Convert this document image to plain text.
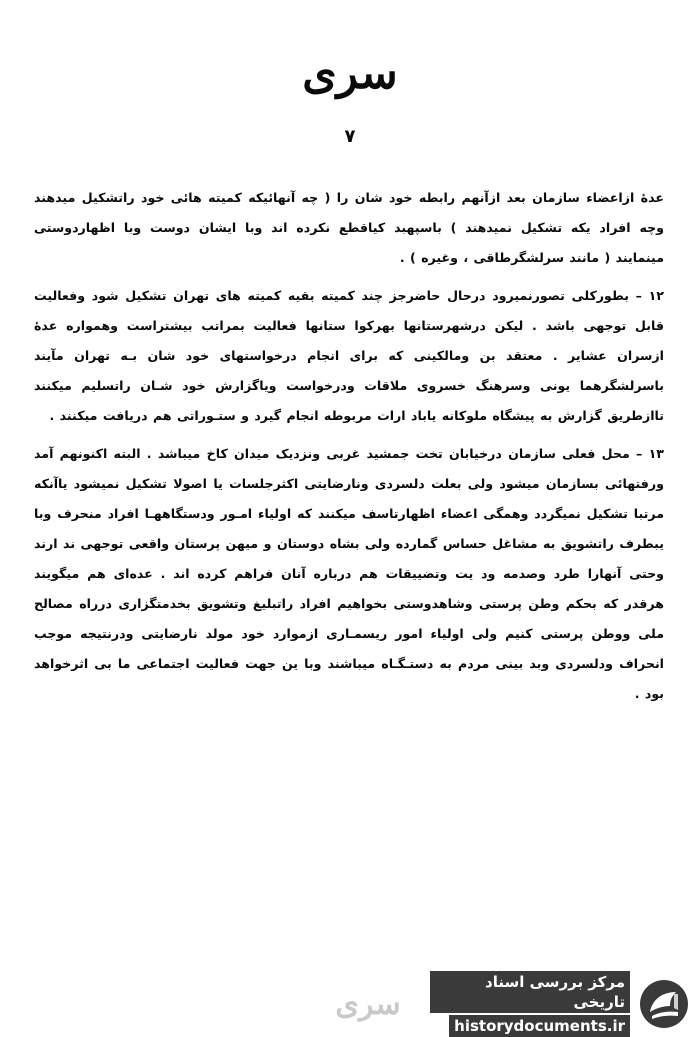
سری
۷

عده‌ٔ ازاعضاء سازمان بعد ازآنهم رابطه خود شان را ( چه آنهائیکه کمیته هائی خود راتشکیل میدهند وچه افراد یکه تشکیل نمیدهند ) باسپهبد کیاقطع نکرده اند وبا ایشان دوست وبا اظهاردوستی مینمایند ( مانند سرلشگرطاقی ، وغیره ) .

۱۲ – بطورکلی تصورنمیرود درحال حاضرجز چند کمیته بقیه کمیته های تهران تشکیل شود وفعالیت قابل توجهی باشد . لیکن درشهرستانها بهرکوا ستانها فعالیت بمراتب بیشتراست وهمواره عده‌ٔ ازسران عشایر . معتقد بن ومالکینی که برای انجام درخواستهای خود شان بـه تهران مآیند باسرلشگرهما یونی وسرهنگ خسروی ملاقات ودرخواست ویاگزارش خود شـان راتسلیم میکنند تاازطریق گزارش به پیشگاه ملوکانه یاباد ارات مربوطه انجام گیرد و ستـوراتی هم دریافت میکنند .

۱۳ – محل فعلی سازمان درخیابان تخت جمشید غربی ونزدیک میدان کاخ میباشد . البته اکنونهم آمد ورفتهائی بسازمان میشود ولی بعلت دلسردی ونارضایتی اکثرجلسات یا اصولا تشکیل نمیشود یاآنکه مرتبا تشکیل نمیگردد وهمگی اعضاء اظهارتاسف میکنند که اولیاء امـور ودستگاههـا افراد منحرف وبا یبطرف راتشویق به مشاغل حساس گمارده ولی بشاه دوستان و میهن پرستان واقعی توجهی ند ارند وحتی آنهارا طرد وصدمه ود یت وتضییقات هم درباره آنان فراهم کرده اند . عده‌ای هم میگویند هرقدر که بحکم وطن پرستی وشاهدوستی بخواهیم افراد راتبلیغ وتشویق بخدمتگزاری درراه مصالح ملی ووطن پرستی کنیم ولی اولیاء امور ریسمـاری ازموارد خود مولد نارضایتی ودرنتیجه موجب انحراف ودلسردی وبد بینی مردم به دستـگـاه میباشند وبا ین جهت فعالیت اجتماعی ما بی اثرخواهد بود .

سری
مرکز بررسی اسناد تاریخی
historydocuments.ir
